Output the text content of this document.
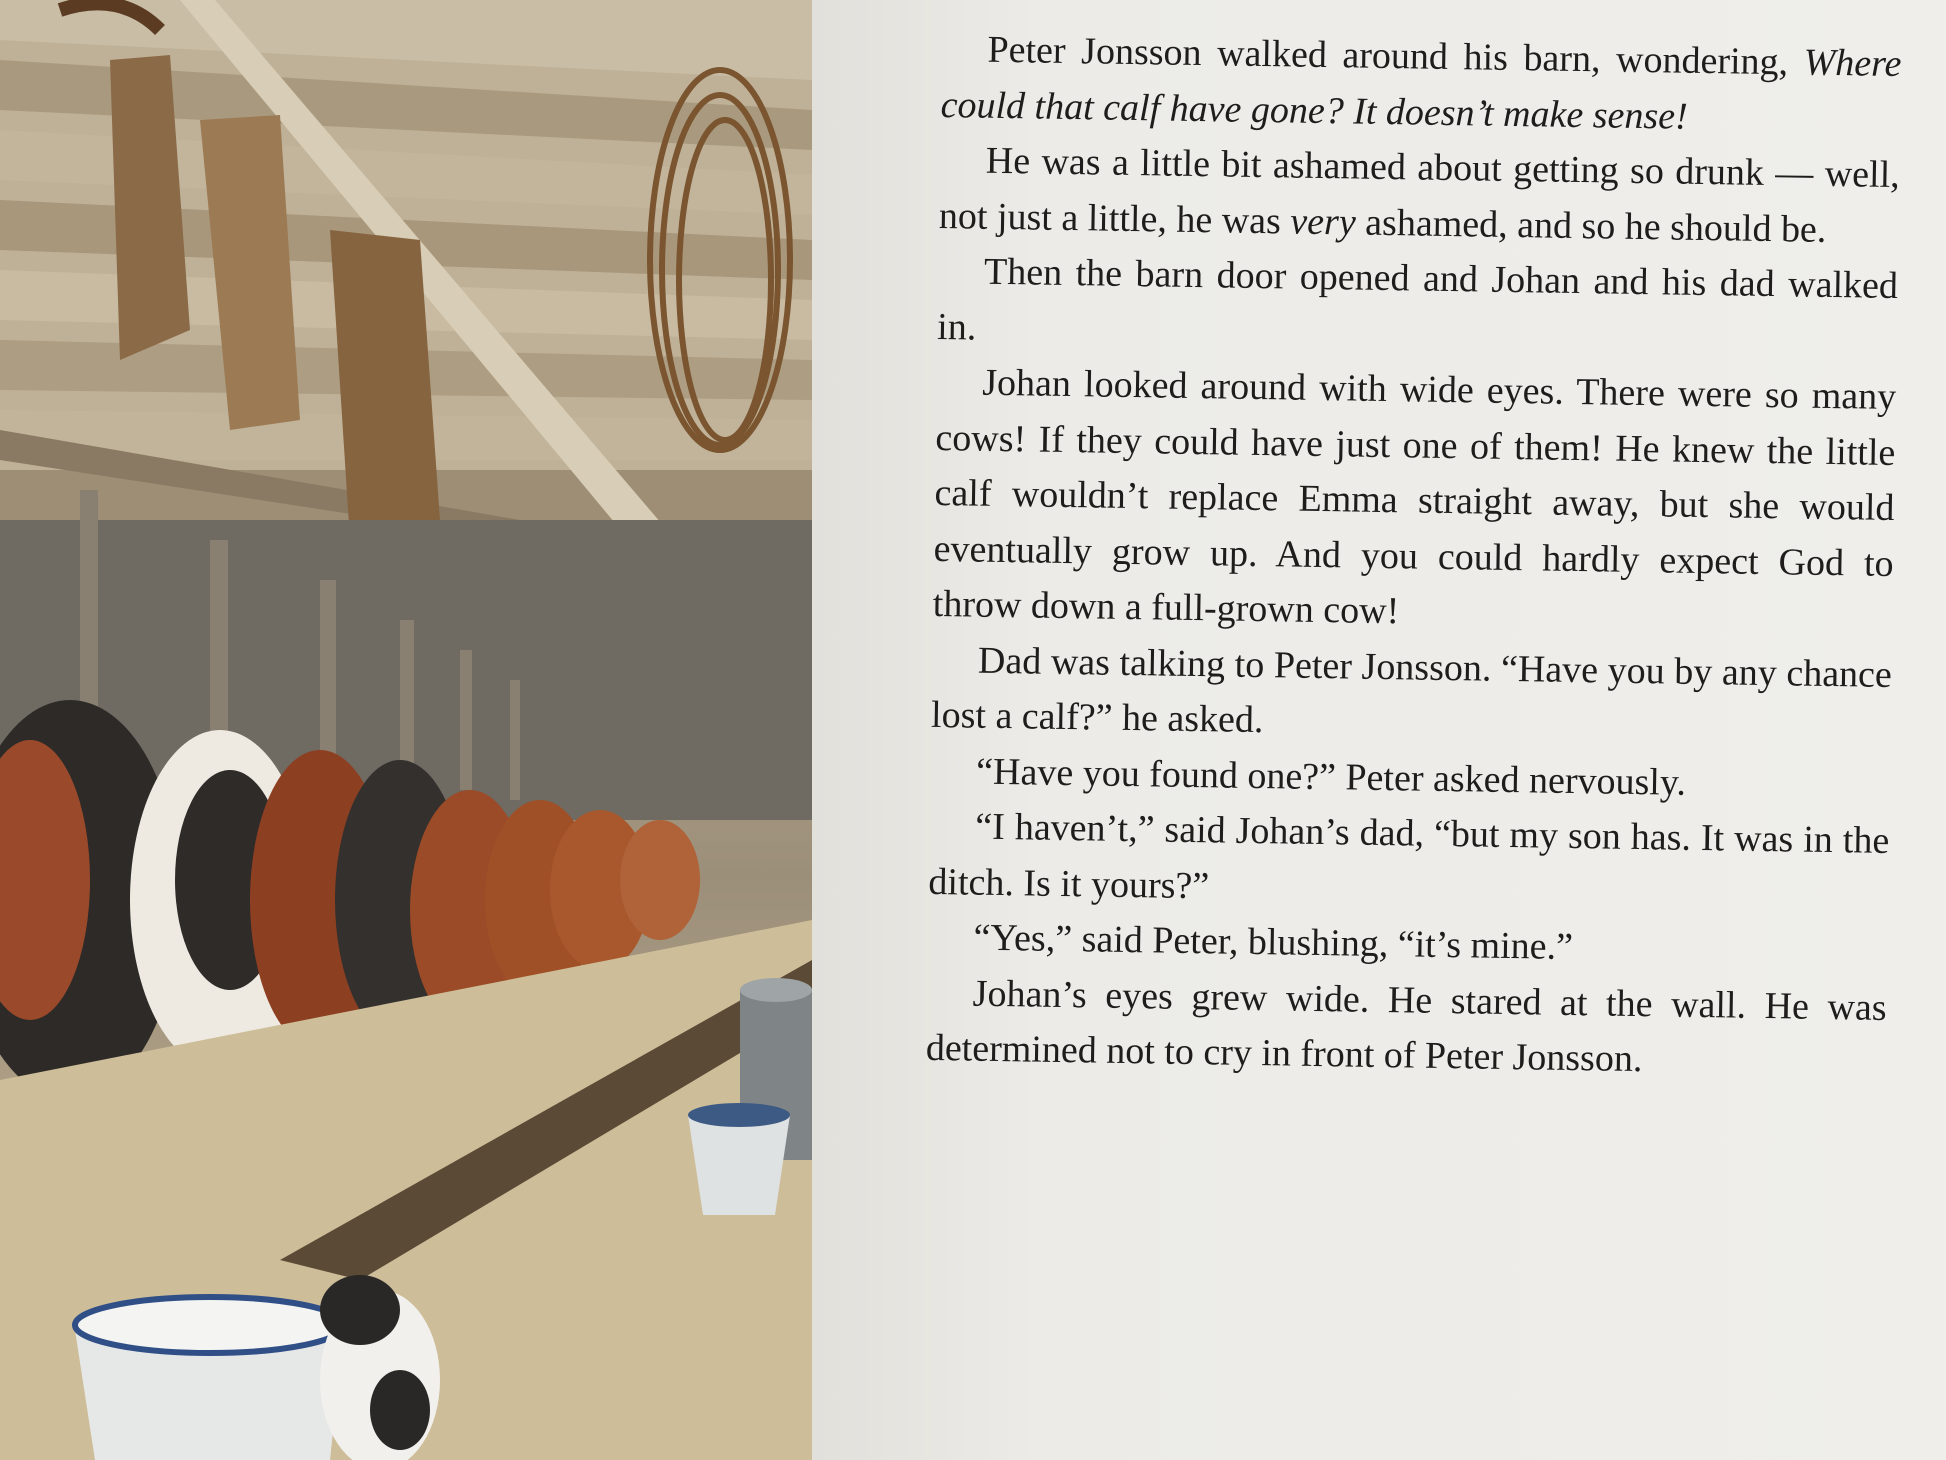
Peter Jonsson walked around his barn, wondering, Where could that calf have gone? It doesn’t make sense!

He was a little bit ashamed about getting so drunk — well, not just a little, he was very ashamed, and so he should be.

Then the barn door opened and Johan and his dad walked in.

Johan looked around with wide eyes. There were so many cows! If they could have just one of them! He knew the little calf wouldn’t replace Emma straight away, but she would eventually grow up. And you could hardly expect God to throw down a full-grown cow!

Dad was talking to Peter Jonsson. “Have you by any chance lost a calf?” he asked.

“Have you found one?” Peter asked nervously.

“I haven’t,” said Johan’s dad, “but my son has. It was in the ditch. Is it yours?”

“Yes,” said Peter, blushing, “it’s mine.”

Johan’s eyes grew wide. He stared at the wall. He was determined not to cry in front of Peter Jonsson.
